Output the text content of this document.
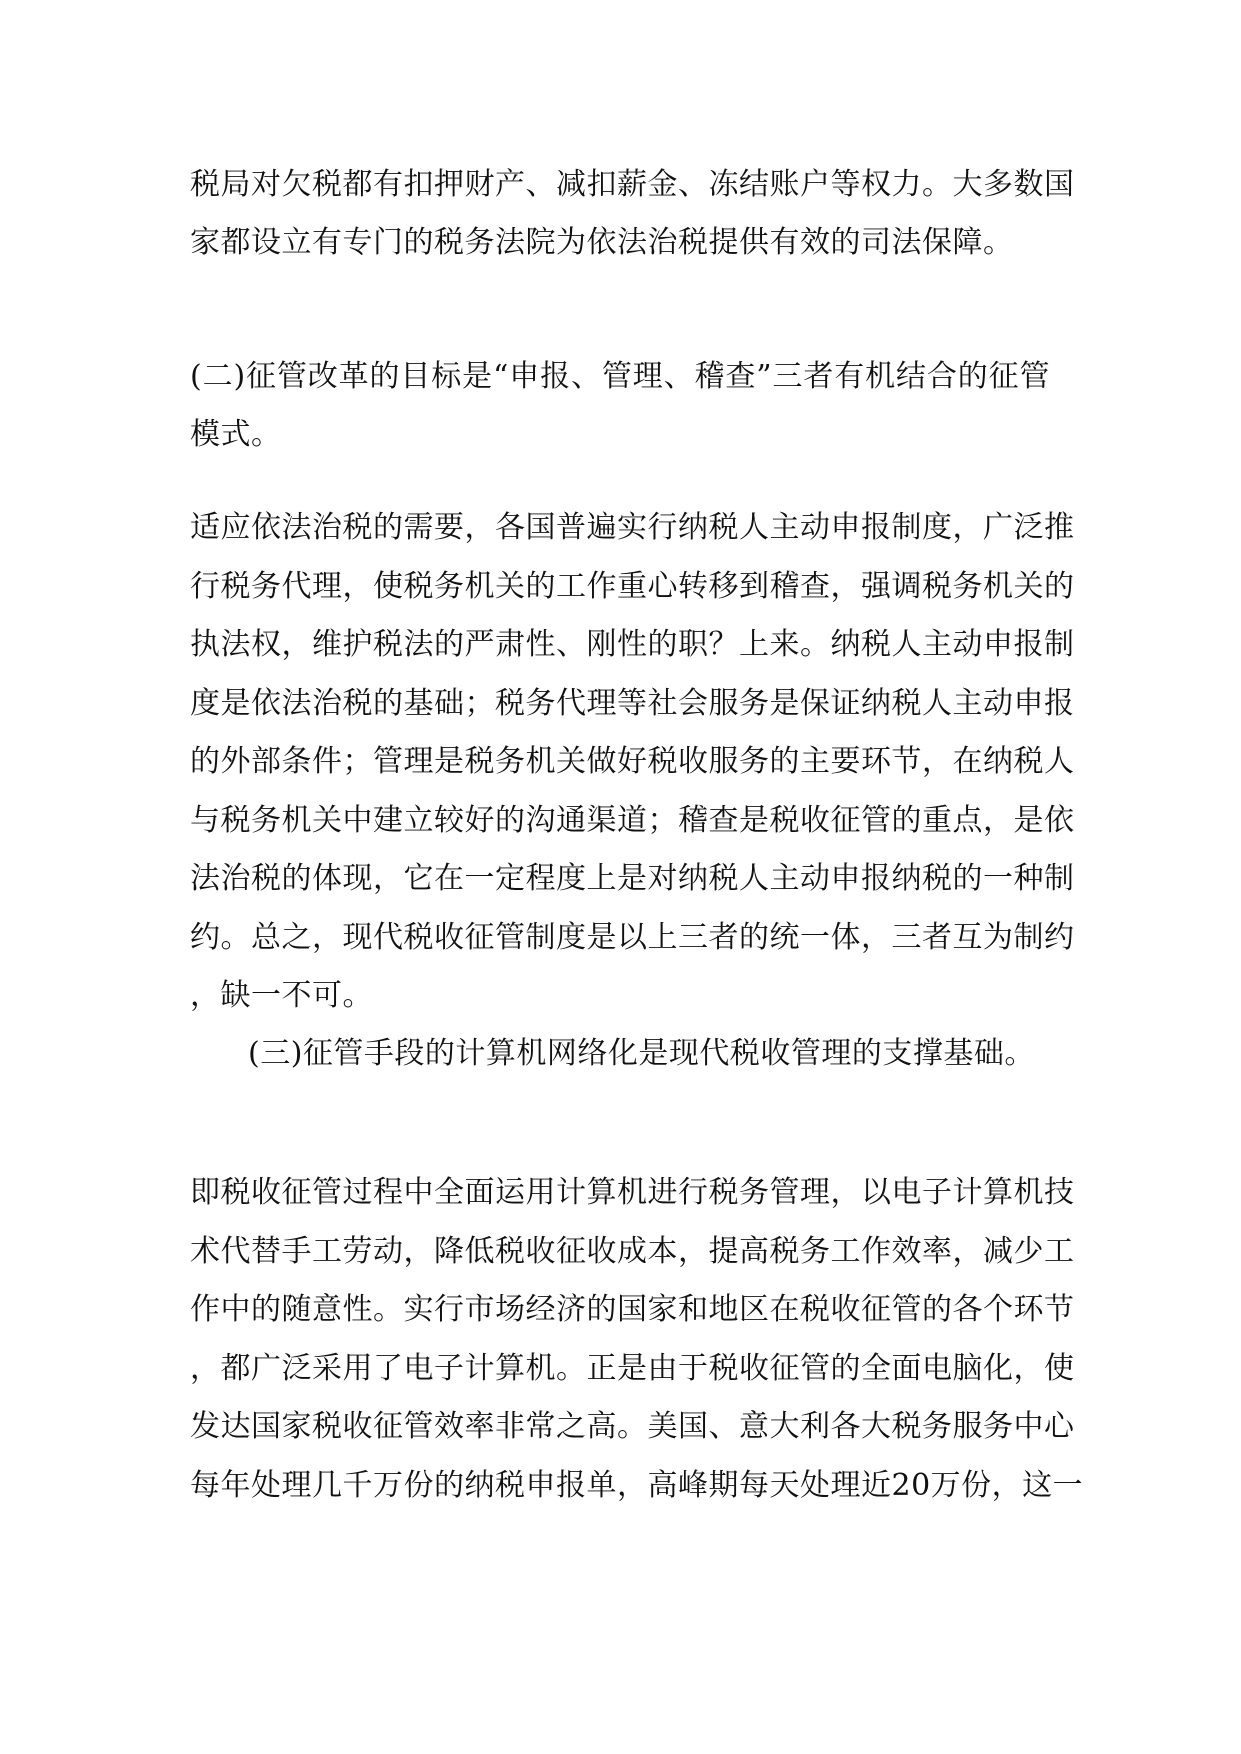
税局对欠税都有扣押财产、减扣薪金、冻结账户等权力。大多数国
家都设立有专门的税务法院为依法治税提供有效的司法保障。
(二)征管改革的目标是“申报、管理、稽查”三者有机结合的征管
模式。
适应依法治税的需要，各国普遍实行纳税人主动申报制度，广泛推
行税务代理，使税务机关的工作重心转移到稽查，强调税务机关的
执法权，维护税法的严肃性、刚性的职？上来。纳税人主动申报制
度是依法治税的基础；税务代理等社会服务是保证纳税人主动申报
的外部条件；管理是税务机关做好税收服务的主要环节，在纳税人
与税务机关中建立较好的沟通渠道；稽查是税收征管的重点，是依
法治税的体现，它在一定程度上是对纳税人主动申报纳税的一种制
约。总之，现代税收征管制度是以上三者的统一体，三者互为制约
，缺一不可。
(三)征管手段的计算机网络化是现代税收管理的支撑基础。
即税收征管过程中全面运用计算机进行税务管理，以电子计算机技
术代替手工劳动，降低税收征收成本，提高税务工作效率，减少工
作中的随意性。实行市场经济的国家和地区在税收征管的各个环节
，都广泛采用了电子计算机。正是由于税收征管的全面电脑化，使
发达国家税收征管效率非常之高。美国、意大利各大税务服务中心
每年处理几千万份的纳税申报单，高峰期每天处理近20万份，这一
